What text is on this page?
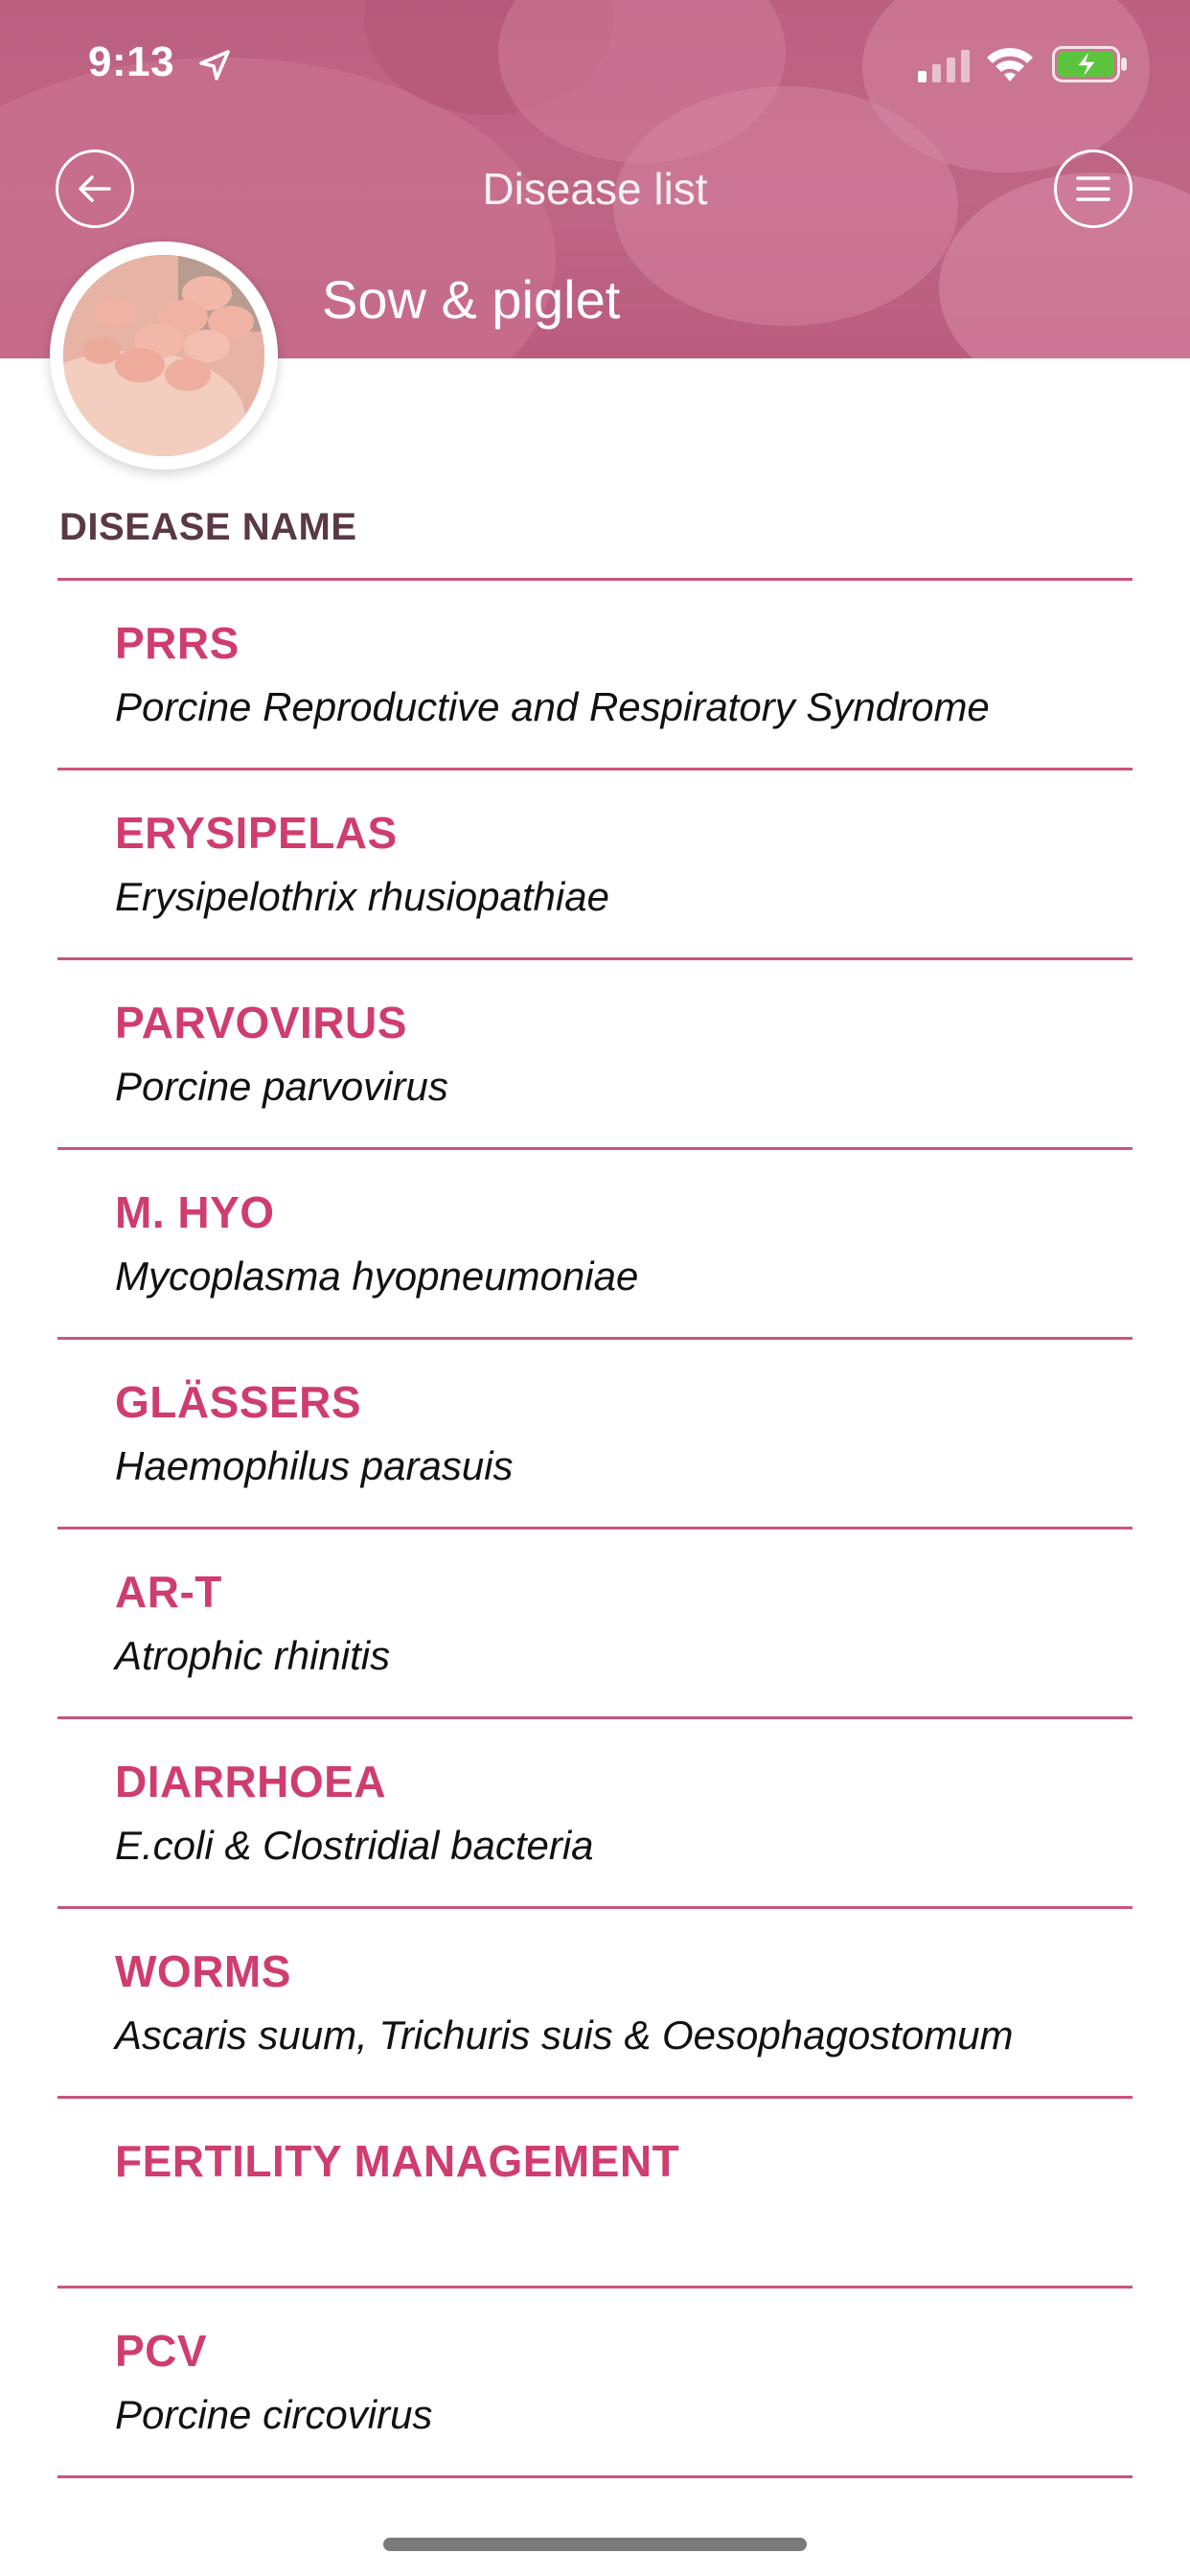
9:13
Disease list
Sow & piglet
DISEASE NAME
PRRS
Porcine Reproductive and Respiratory Syndrome
ERYSIPELAS
Erysipelothrix rhusiopathiae
PARVOVIRUS
Porcine parvovirus
M. HYO
Mycoplasma hyopneumoniae
GLÄSSERS
Haemophilus parasuis
AR-T
Atrophic rhinitis
DIARRHOEA
E.coli & Clostridial bacteria
WORMS
Ascaris suum, Trichuris suis & Oesophagostomum
FERTILITY MANAGEMENT
PCV
Porcine circovirus
